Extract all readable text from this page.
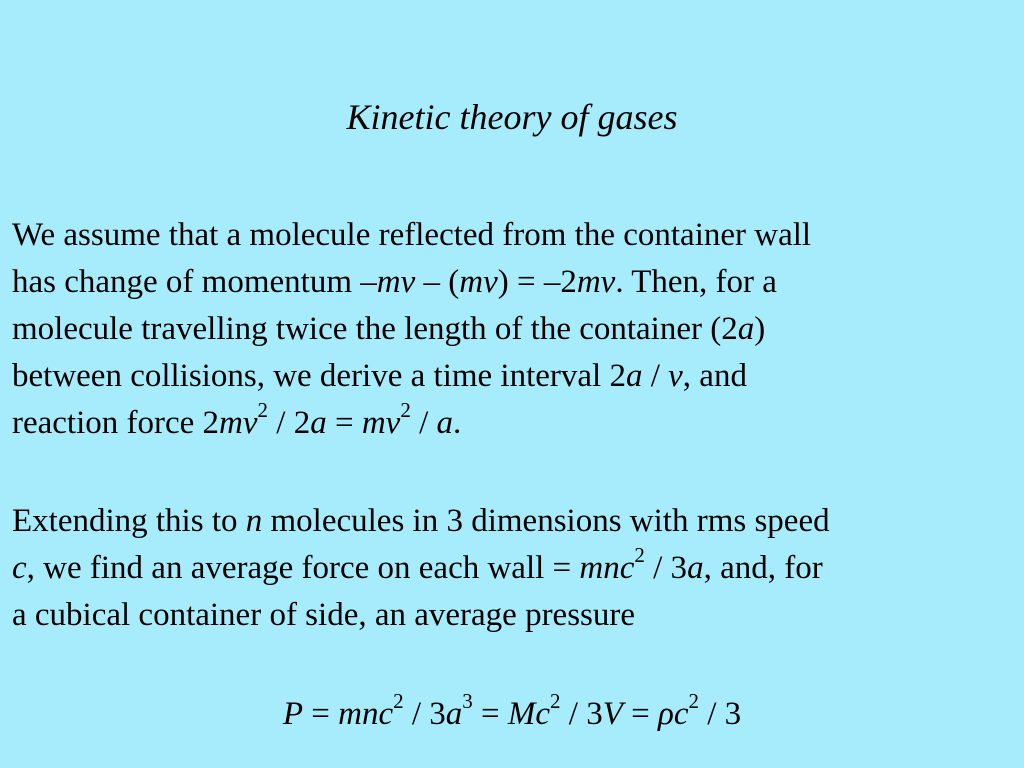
Kinetic theory of gases
We assume that a molecule reflected from the container wall
has change of momentum –mv – (mv) = –2mv. Then, for a
molecule travelling twice the length of the container (2a)
between collisions, we derive a time interval 2a / v, and
reaction force $2mv^2 / 2a = mv^2 / a$.
Extending this to n molecules in 3 dimensions with rms speed
c, we find an average force on each wall = mnc$^2$ / 3a, and, for
a cubical container of side, an average pressure
$P = mnc^2 / 3a^3 = Mc^2 / 3V = \rho c^2 / 3$
